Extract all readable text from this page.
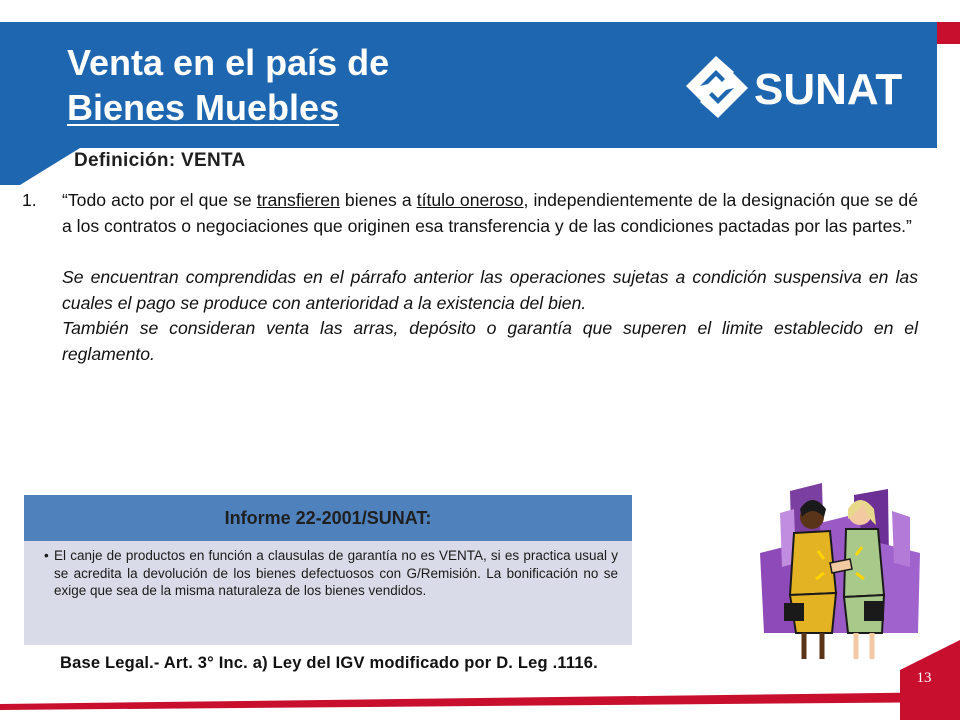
Venta en el país de
Bienes Muebles	SUNAT
Definición: VENTA
1.	“Todo acto por el que se transfieren bienes a título oneroso, independientemente de la designación que se dé a los contratos o negociaciones que originen esa transferencia y de las condiciones pactadas por las partes.”

Se encuentran comprendidas en el párrafo anterior las operaciones sujetas a condición suspensiva en las cuales el pago se produce con anterioridad a la existencia del bien.

También se consideran venta las arras, depósito o garantía que superen el limite establecido en el reglamento.

Informe 22-2001/SUNAT:
• El canje de productos en función a clausulas de garantía no es VENTA, si es practica usual y se acredita la devolución de los bienes defectuosos con G/Remisión. La bonificación no se exige que sea de la misma naturaleza de los bienes vendidos.
13
Base Legal.- Art. 3° Inc. a) Ley del IGV modificado por D. Leg .1116.
